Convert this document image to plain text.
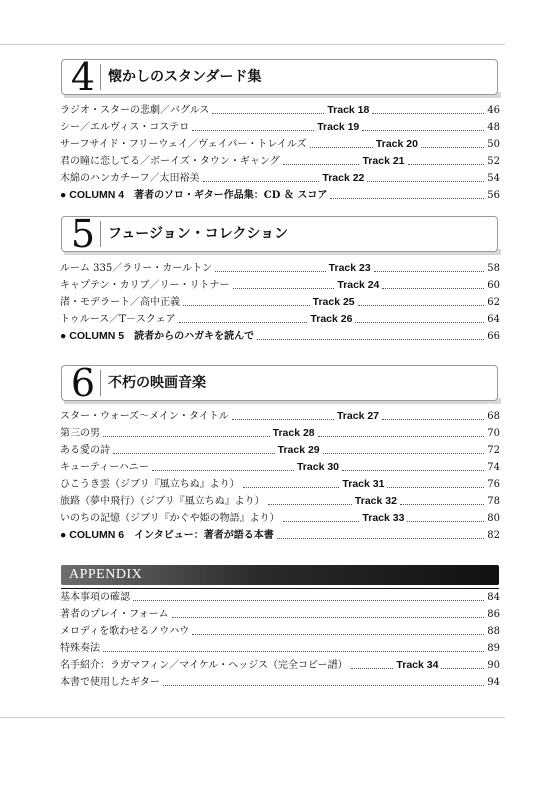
4 懐かしのスタンダード集
ラジオ・スターの悲劇／バグルス	Track 18	46
シー／エルヴィス・コステロ	Track 19	48
サーフサイド・フリーウェイ／ヴェイパー・トレイルズ	Track 20	50
君の瞳に恋してる／ボーイズ・タウン・ギャング	Track 21	52
木綿のハンカチーフ／太田裕美	Track 22	54
● COLUMN 4 著者のソロ・ギター作品集：CD ＆ スコア	56
5 フュージョン・コレクション
ルーム 335／ラリー・カールトン	Track 23	58
キャプテン・カリブ／リー・リトナー	Track 24	60
渚・モデラート／高中正義	Track 25	62
トゥルース／T－スクェア	Track 26	64
● COLUMN 5 読者からのハガキを読んで	66
6 不朽の映画音楽
スター・ウォーズ～メイン・タイトル	Track 27	68
第三の男	Track 28	70
ある愛の詩	Track 29	72
キューティーハニー	Track 30	74
ひこうき雲（ジブリ『風立ちぬ』より）	Track 31	76
旅路（夢中飛行）（ジブリ『風立ちぬ』より）	Track 32	78
いのちの記憶（ジブリ『かぐや姫の物語』より）	Track 33	80
● COLUMN 6 インタビュー：著者が語る本書	82
APPENDIX
基本事項の確認	84
著者のプレイ・フォーム	86
メロディを歌わせるノウハウ	88
特殊奏法	89
名手紹介：ラガマフィン／マイケル・ヘッジス（完全コピー譜）	Track 34	90
本書で使用したギター	94
